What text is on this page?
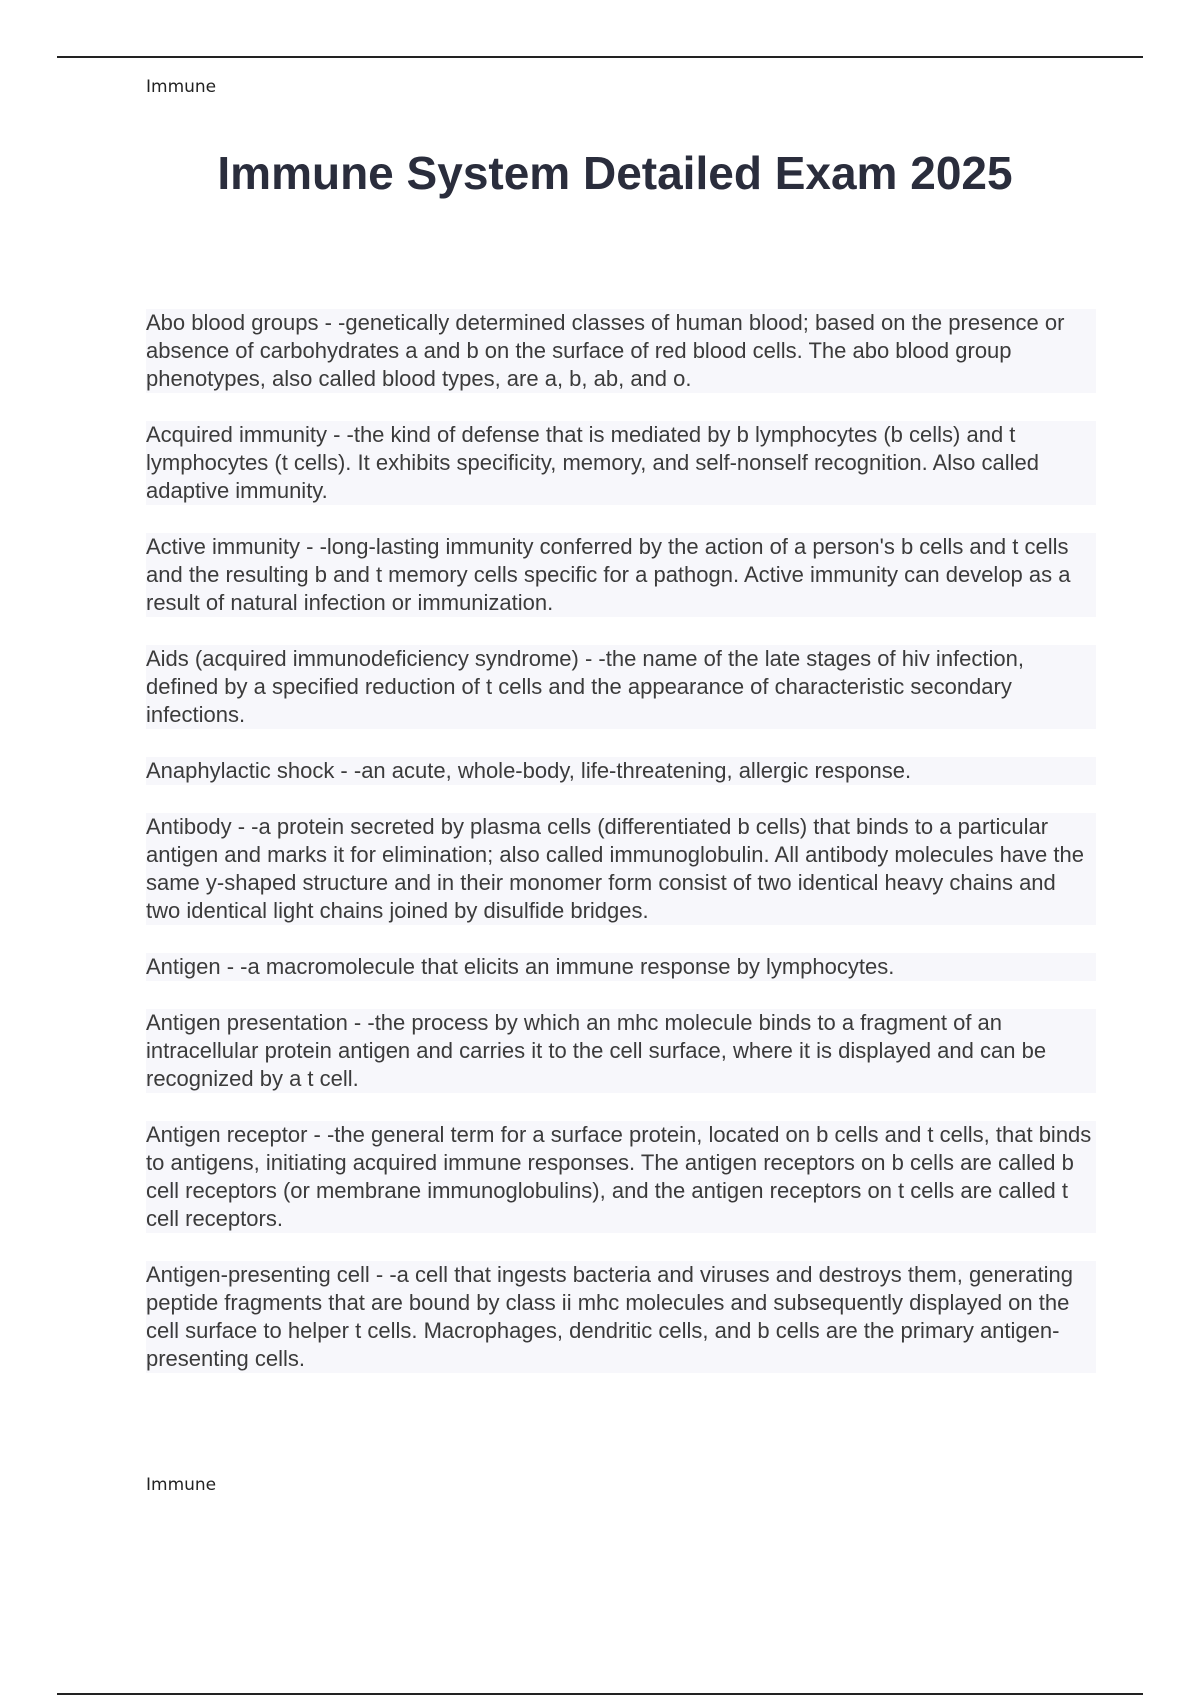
Immune
Immune System Detailed Exam 2025

Abo blood groups - -genetically determined classes of human blood; based on the presence or absence of carbohydrates a and b on the surface of red blood cells. The abo blood group phenotypes, also called blood types, are a, b, ab, and o.

Acquired immunity - -the kind of defense that is mediated by b lymphocytes (b cells) and t lymphocytes (t cells). It exhibits specificity, memory, and self-nonself recognition. Also called adaptive immunity.

Active immunity - -long-lasting immunity conferred by the action of a person's b cells and t cells and the resulting b and t memory cells specific for a pathogn. Active immunity can develop as a result of natural infection or immunization.

Aids (acquired immunodeficiency syndrome) - -the name of the late stages of hiv infection, defined by a specified reduction of t cells and the appearance of characteristic secondary infections.

Anaphylactic shock - -an acute, whole-body, life-threatening, allergic response.

Antibody - -a protein secreted by plasma cells (differentiated b cells) that binds to a particular antigen and marks it for elimination; also called immunoglobulin. All antibody molecules have the same y-shaped structure and in their monomer form consist of two identical heavy chains and two identical light chains joined by disulfide bridges.

Antigen - -a macromolecule that elicits an immune response by lymphocytes.

Antigen presentation - -the process by which an mhc molecule binds to a fragment of an intracellular protein antigen and carries it to the cell surface, where it is displayed and can be recognized by a t cell.

Antigen receptor - -the general term for a surface protein, located on b cells and t cells, that binds to antigens, initiating acquired immune responses. The antigen receptors on b cells are called b cell receptors (or membrane immunoglobulins), and the antigen receptors on t cells are called t cell receptors.

Antigen-presenting cell - -a cell that ingests bacteria and viruses and destroys them, generating peptide fragments that are bound by class ii mhc molecules and subsequently displayed on the cell surface to helper t cells. Macrophages, dendritic cells, and b cells are the primary antigen-presenting cells.

Immune
